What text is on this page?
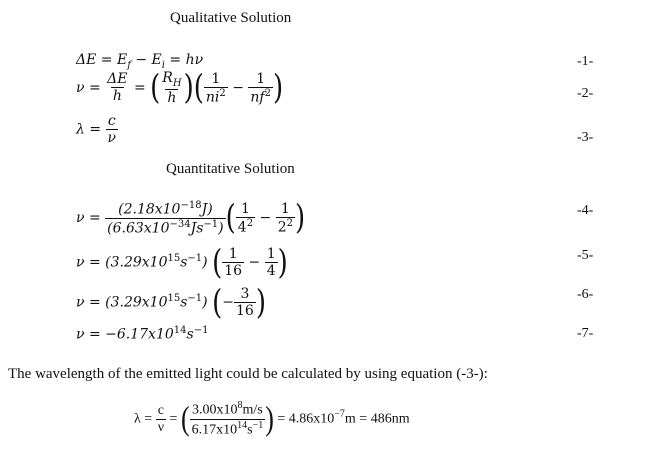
Qualitative Solution
$\Delta E = E_f - E_i = h\nu$	-1-
$\nu = \frac{\Delta E}{h}$ = ( $\frac{R_H}{h}$ )( $\frac{1}{ni^2} - \frac{1}{nf^2}$ )	-2-
$\lambda = \frac{c}{\nu}$	-3-
Quantitative Solution
$\nu = \frac{(2.18x10^{-18}J)}{(6.63x10^{-34}Js^{-1})}$ ( $\frac{1}{4^2} - \frac{1}{2^2}$ )	-4-
$\nu = (3.29x10^{15}s^{-1})$ ( $\frac{1}{16} - \frac{1}{4}$ )	-5-
$\nu = (3.29x10^{15}s^{-1})$ (− $\frac{3}{16}$ )	-6-
$\nu = -6.17x10^{14}s^{-1}$	-7-
The wavelength of the emitted light could be calculated by using equation (-3-):
$\lambda = \frac{c}{\nu}$ = ( $\frac{3.00x10^8m/s}{6.17x10^{14}s^{-1}}$ ) = $4.86x10^{-7}m = 486nm$
